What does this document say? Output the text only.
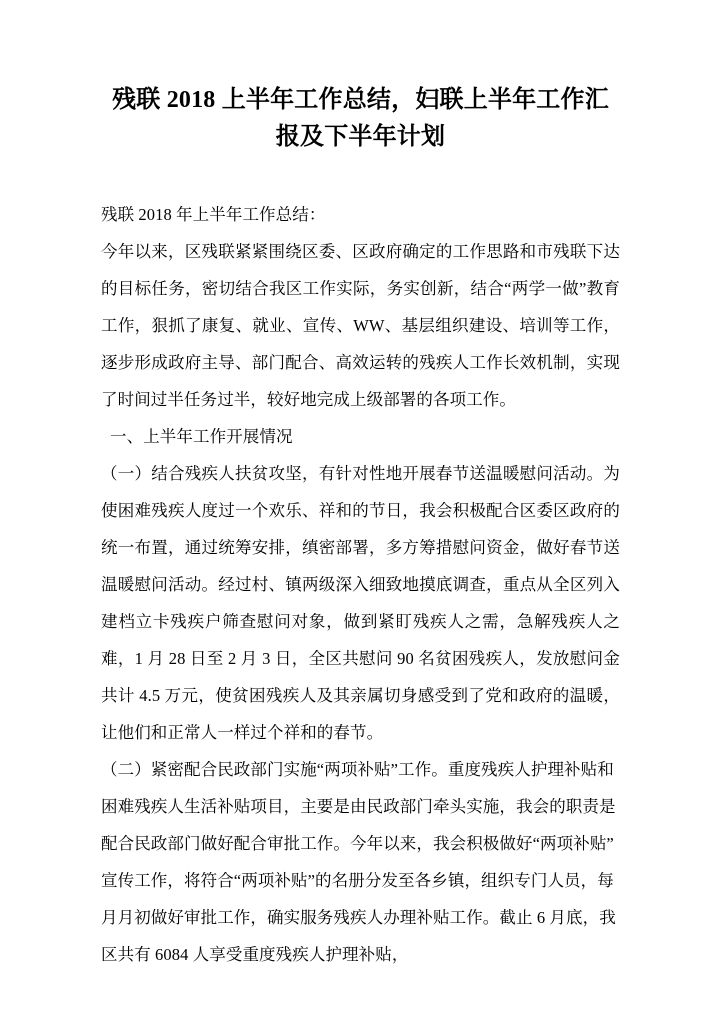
残联 2018 上半年工作总结，妇联上半年工作汇报及下半年计划

残联 2018 年上半年工作总结：

今年以来，区残联紧紧围绕区委、区政府确定的工作思路和市残联下达的目标任务，密切结合我区工作实际，务实创新，结合“两学一做”教育工作，狠抓了康复、就业、宣传、WW、基层组织建设、培训等工作，逐步形成政府主导、部门配合、高效运转的残疾人工作长效机制，实现了时间过半任务过半，较好地完成上级部署的各项工作。

一、上半年工作开展情况

（一）结合残疾人扶贫攻坚，有针对性地开展春节送温暖慰问活动。为使困难残疾人度过一个欢乐、祥和的节日，我会积极配合区委区政府的统一布置，通过统筹安排，缜密部署，多方筹措慰问资金，做好春节送温暖慰问活动。经过村、镇两级深入细致地摸底调查，重点从全区列入建档立卡残疾户筛查慰问对象，做到紧盯残疾人之需，急解残疾人之难，1 月 28 日至 2 月 3 日，全区共慰问 90 名贫困残疾人，发放慰问金共计 4.5 万元，使贫困残疾人及其亲属切身感受到了党和政府的温暖，让他们和正常人一样过个祥和的春节。

（二）紧密配合民政部门实施“两项补贴”工作。重度残疾人护理补贴和困难残疾人生活补贴项目，主要是由民政部门牵头实施，我会的职责是配合民政部门做好配合审批工作。今年以来，我会积极做好“两项补贴”宣传工作，将符合“两项补贴”的名册分发至各乡镇，组织专门人员，每月月初做好审批工作，确实服务残疾人办理补贴工作。截止 6 月底，我区共有 6084 人享受重度残疾人护理补贴，
